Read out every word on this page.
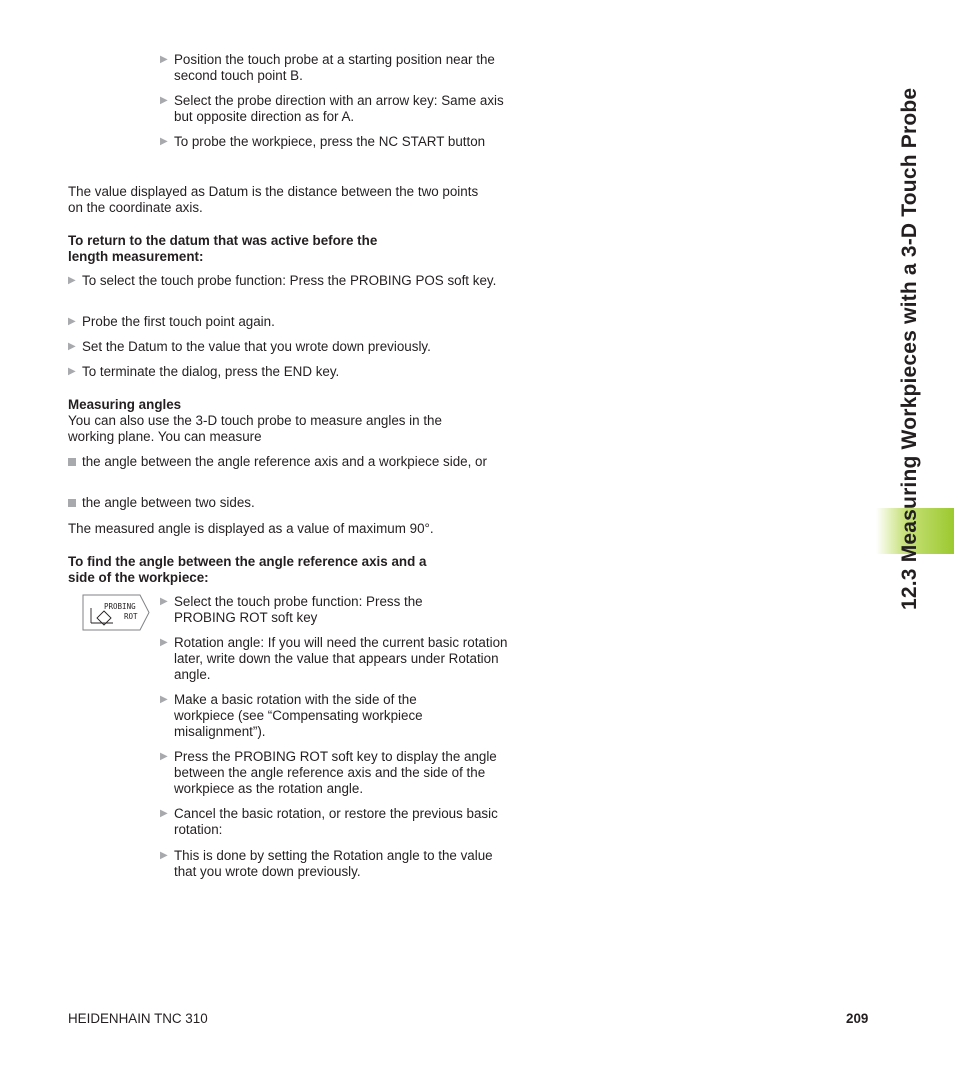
12.3 Measuring Workpieces with a 3-D Touch Probe
▶ Position the touch probe at a starting position near the second touch point B.
▶ Select the probe direction with an arrow key: Same axis but opposite direction as for A.
▶ To probe the workpiece, press the NC START button
The value displayed as Datum is the distance between the two points on the coordinate axis.
To return to the datum that was active before the length measurement:
▶ To select the touch probe function: Press the PROBING POS soft key.
▶ Probe the first touch point again.
▶ Set the Datum to the value that you wrote down previously.
▶ To terminate the dialog, press the END key.
Measuring angles
You can also use the 3-D touch probe to measure angles in the working plane. You can measure
the angle between the angle reference axis and a workpiece side, or
the angle between two sides.
The measured angle is displayed as a value of maximum 90°.
To find the angle between the angle reference axis and a side of the workpiece:
PROBING
ROT
▶ Select the touch probe function: Press the PROBING ROT soft key
▶ Rotation angle: If you will need the current basic rotation later, write down the value that appears under Rotation angle.
▶ Make a basic rotation with the side of the workpiece (see “Compensating workpiece misalignment”).
▶ Press the PROBING ROT soft key to display the angle between the angle reference axis and the side of the workpiece as the rotation angle.
▶ Cancel the basic rotation, or restore the previous basic rotation:
▶ This is done by setting the Rotation angle to the value that you wrote down previously.
HEIDENHAIN TNC 310	209
